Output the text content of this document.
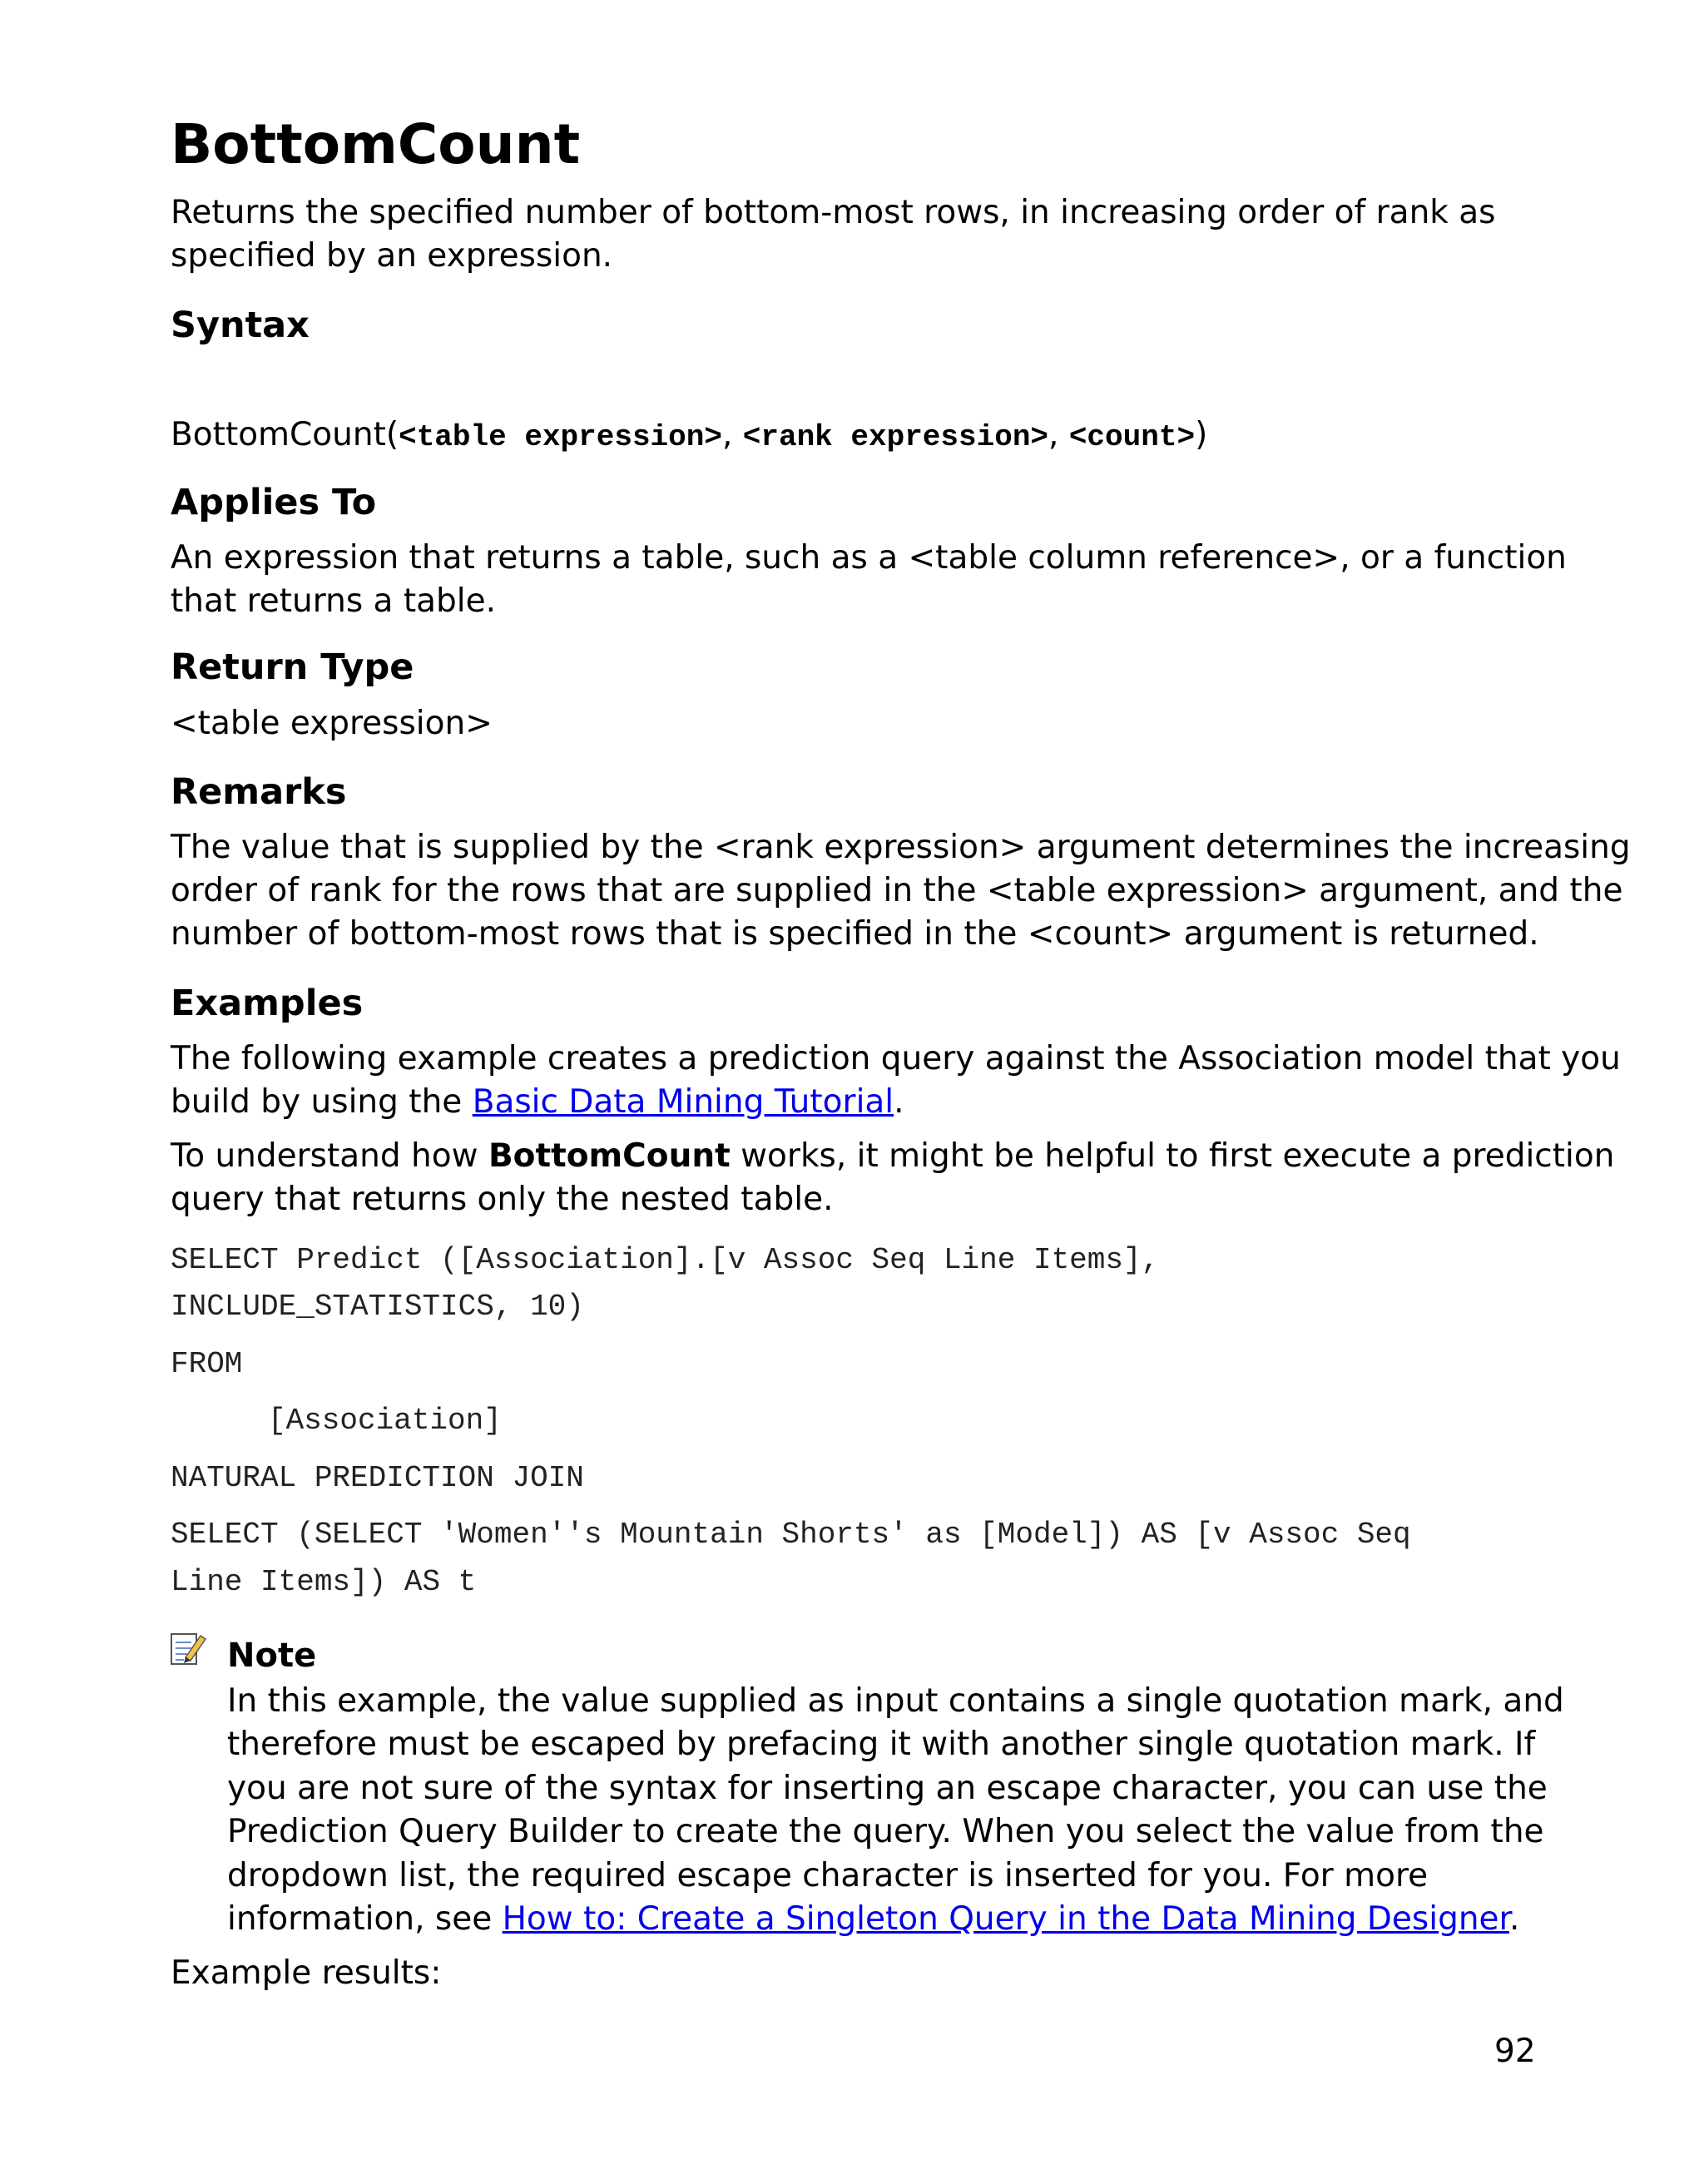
BottomCount
Returns the specified number of bottom-most rows, in increasing order of rank as
specified by an expression.
Syntax
BottomCount(<table expression>, <rank expression>, <count>)
Applies To
An expression that returns a table, such as a <table column reference>, or a function
that returns a table.
Return Type
<table expression>
Remarks
The value that is supplied by the <rank expression> argument determines the increasing
order of rank for the rows that are supplied in the <table expression> argument, and the
number of bottom-most rows that is specified in the <count> argument is returned.
Examples
The following example creates a prediction query against the Association model that you
build by using the Basic Data Mining Tutorial.
To understand how BottomCount works, it might be helpful to first execute a prediction
query that returns only the nested table.
SELECT Predict ([Association].[v Assoc Seq Line Items],
INCLUDE_STATISTICS, 10)
FROM
[Association]
NATURAL PREDICTION JOIN
SELECT (SELECT 'Women''s Mountain Shorts' as [Model]) AS [v Assoc Seq
Line Items]) AS t
Note
In this example, the value supplied as input contains a single quotation mark, and
therefore must be escaped by prefacing it with another single quotation mark. If
you are not sure of the syntax for inserting an escape character, you can use the
Prediction Query Builder to create the query. When you select the value from the
dropdown list, the required escape character is inserted for you. For more
information, see How to: Create a Singleton Query in the Data Mining Designer.
Example results:
92
